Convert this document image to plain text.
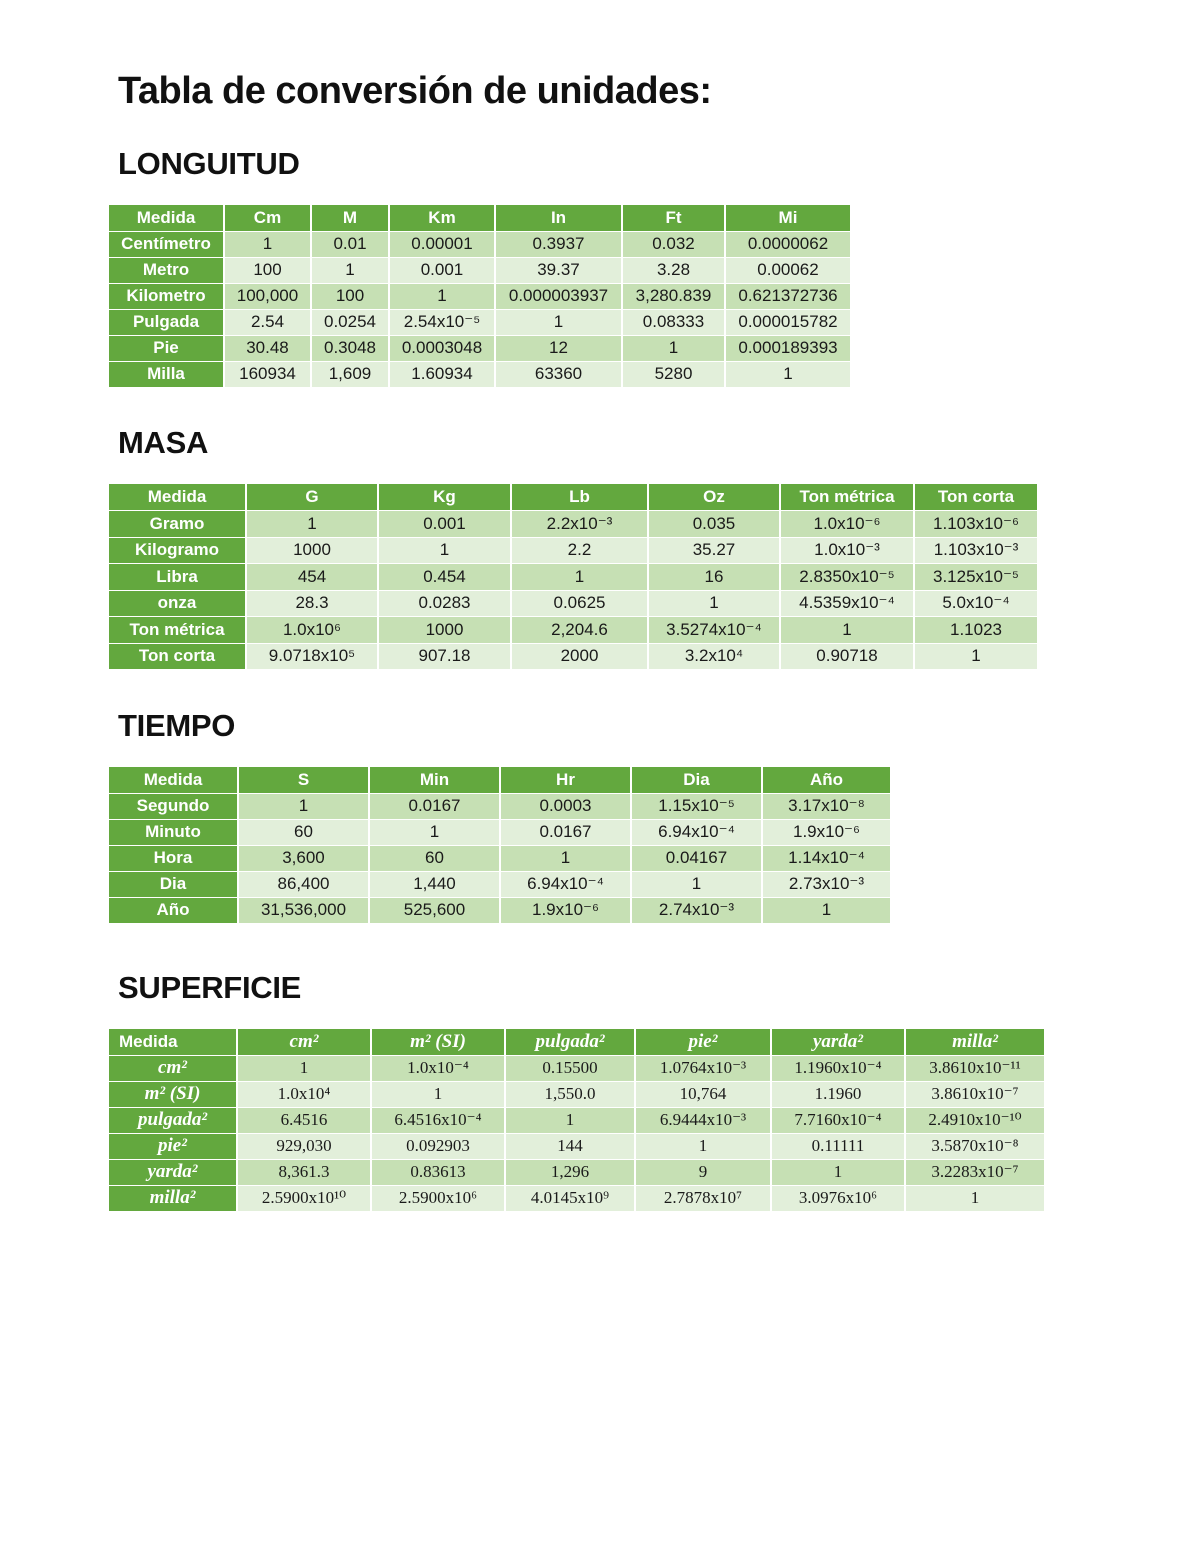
Tabla de conversión de unidades:
LONGUITUD
Medida	Cm	M	Km	In	Ft	Mi
Centímetro	1	0.01	0.00001	0.3937	0.032	0.0000062
Metro	100	1	0.001	39.37	3.28	0.00062
Kilometro	100,000	100	1	0.000003937	3,280.839	0.621372736
Pulgada	2.54	0.0254	2.54x10⁻⁵	1	0.08333	0.000015782
Pie	30.48	0.3048	0.0003048	12	1	0.000189393
Milla	160934	1,609	1.60934	63360	5280	1
MASA
Medida	G	Kg	Lb	Oz	Ton métrica	Ton corta
Gramo	1	0.001	2.2x10⁻³	0.035	1.0x10⁻⁶	1.103x10⁻⁶
Kilogramo	1000	1	2.2	35.27	1.0x10⁻³	1.103x10⁻³
Libra	454	0.454	1	16	2.8350x10⁻⁵	3.125x10⁻⁵
onza	28.3	0.0283	0.0625	1	4.5359x10⁻⁴	5.0x10⁻⁴
Ton métrica	1.0x10⁶	1000	2,204.6	3.5274x10⁻⁴	1	1.1023
Ton corta	9.0718x10⁵	907.18	2000	3.2x10⁴	0.90718	1
TIEMPO
Medida	S	Min	Hr	Dia	Año
Segundo	1	0.0167	0.0003	1.15x10⁻⁵	3.17x10⁻⁸
Minuto	60	1	0.0167	6.94x10⁻⁴	1.9x10⁻⁶
Hora	3,600	60	1	0.04167	1.14x10⁻⁴
Dia	86,400	1,440	6.94x10⁻⁴	1	2.73x10⁻³
Año	31,536,000	525,600	1.9x10⁻⁶	2.74x10⁻³	1
SUPERFICIE
Medida	cm²	m² (SI)	pulgada²	pie²	yarda²	milla²
cm²	1	1.0x10⁻⁴	0.15500	1.0764x10⁻³	1.1960x10⁻⁴	3.8610x10⁻¹¹
m² (SI)	1.0x10⁴	1	1,550.0	10,764	1.1960	3.8610x10⁻⁷
pulgada²	6.4516	6.4516x10⁻⁴	1	6.9444x10⁻³	7.7160x10⁻⁴	2.4910x10⁻¹⁰
pie²	929,030	0.092903	144	1	0.11111	3.5870x10⁻⁸
yarda²	8,361.3	0.83613	1,296	9	1	3.2283x10⁻⁷
milla²	2.5900x10¹⁰	2.5900x10⁶	4.0145x10⁹	2.7878x10⁷	3.0976x10⁶	1
